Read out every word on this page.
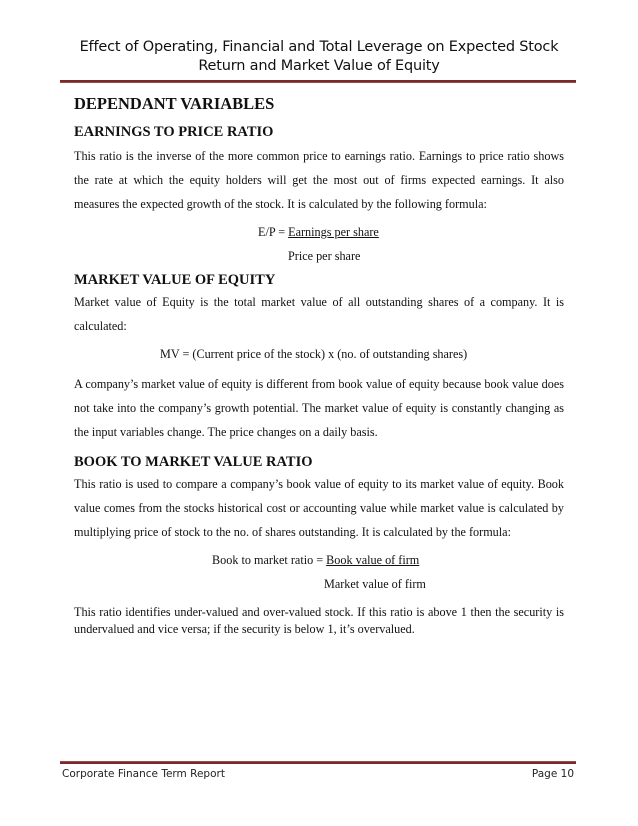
Effect of Operating, Financial and Total Leverage on Expected Stock
Return and Market Value of Equity
DEPENDANT VARIABLES
EARNINGS TO PRICE RATIO

This ratio is the inverse of the more common price to earnings ratio. Earnings to price ratio shows the rate at which the equity holders will get the most out of firms expected earnings. It also measures the expected growth of the stock. It is calculated by the following formula:

E/P = Earnings per share
Price per share
MARKET VALUE OF EQUITY

Market value of Equity is the total market value of all outstanding shares of a company. It is calculated:

MV = (Current price of the stock) x (no. of outstanding shares)

A company’s market value of equity is different from book value of equity because book value does not take into the company’s growth potential. The market value of equity is constantly changing as the input variables change. The price changes on a daily basis.

BOOK TO MARKET VALUE RATIO

This ratio is used to compare a company’s book value of equity to its market value of equity. Book value comes from the stocks historical cost or accounting value while market value is calculated by multiplying price of stock to the no. of shares outstanding. It is calculated by the formula:

Book to market ratio = Book value of firm
Market value of firm

This ratio identifies under-valued and over-valued stock. If this ratio is above 1 then the security is undervalued and vice versa; if the security is below 1, it’s overvalued.

Corporate Finance Term Report	Page 10
